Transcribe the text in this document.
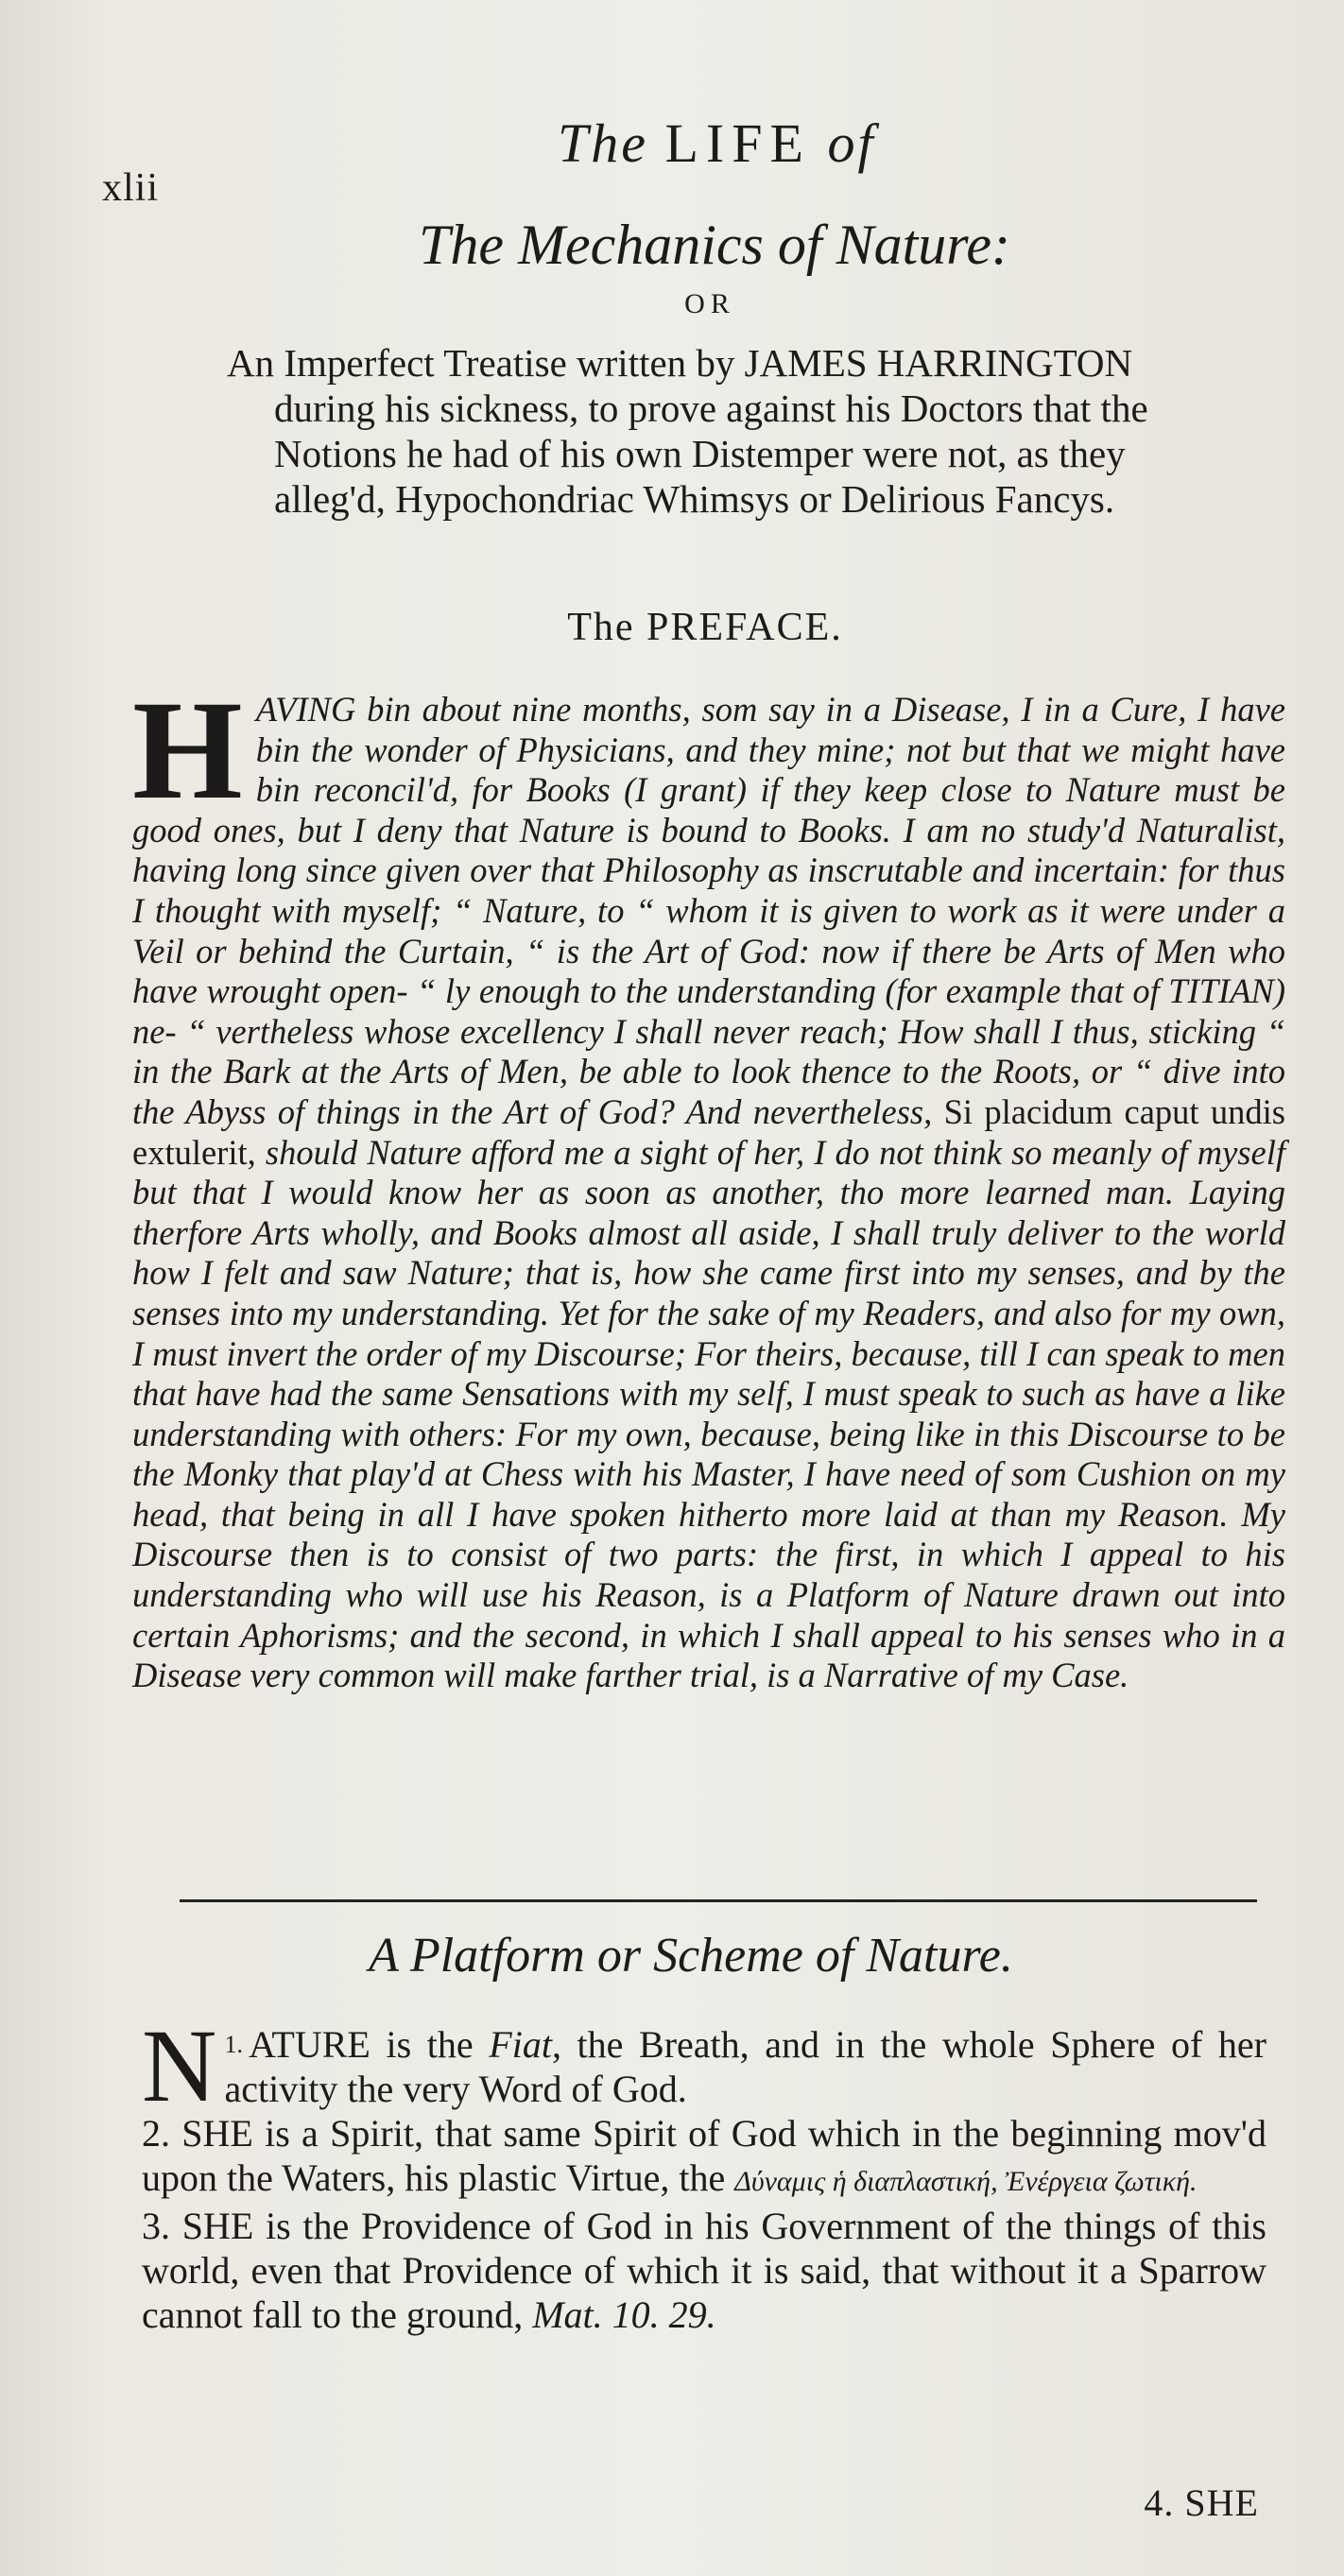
xlii
The LIFE of
The Mechanics of Nature:
OR
An Imperfect Treatise written by JAMES HARRINGTON
during his sickness, to prove against his Doctors that the
Notions he had of his own Distemper were not, as they
alleg'd, Hypochondriac Whimsys or Delirious Fancys.
The PREFACE.
HAVING bin about nine months, som say in a Disease, I in a Cure, I have bin the wonder of Physicians, and they mine; not but that we might have bin reconcil'd, for Books (I grant) if they keep close to Nature must be good ones, but I deny that Nature is bound to Books. I am no study'd Naturalist, having long since given over that Philosophy as inscrutable and incertain: for thus I thought with myself; “ Nature, to “ whom it is given to work as it were under a Veil or behind the Curtain, “ is the Art of God: now if there be Arts of Men who have wrought open- “ ly enough to the understanding (for example that of TITIAN) ne- “ vertheless whose excellency I shall never reach; How shall I thus, sticking “ in the Bark at the Arts of Men, be able to look thence to the Roots, or “ dive into the Abyss of things in the Art of God? And nevertheless, Si placidum caput undis extulerit, should Nature afford me a sight of her, I do not think so meanly of myself but that I would know her as soon as another, tho more learned man. Laying therfore Arts wholly, and Books almost all aside, I shall truly deliver to the world how I felt and saw Nature; that is, how she came first into my senses, and by the senses into my understanding. Yet for the sake of my Readers, and also for my own, I must invert the order of my Discourse; For theirs, because, till I can speak to men that have had the same Sensations with my self, I must speak to such as have a like understanding with others: For my own, because, being like in this Discourse to be the Monky that play'd at Chess with his Master, I have need of som Cushion on my head, that being in all I have spoken hitherto more laid at than my Reason. My Discourse then is to consist of two parts: the first, in which I appeal to his understanding who will use his Reason, is a Platform of Nature drawn out into certain Aphorisms; and the second, in which I shall appeal to his senses who in a Disease very common will make farther trial, is a Narrative of my Case.
A Platform or Scheme of Nature.

$^{1.}$
N ATURE is the Fiat, the Breath, and in the whole Sphere of her activity the very Word of God.

2. SHE is a Spirit, that same Spirit of God which in the beginning mov'd upon the Waters, his plastic Virtue, the Δύναμις ἡ διαπλαστική, Ἐνέργεια ζωτική.

3. SHE is the Providence of God in his Government of the things of this world, even that Providence of which it is said, that without it a Sparrow cannot fall to the ground, Mat. 10. 29.

4. SHE
